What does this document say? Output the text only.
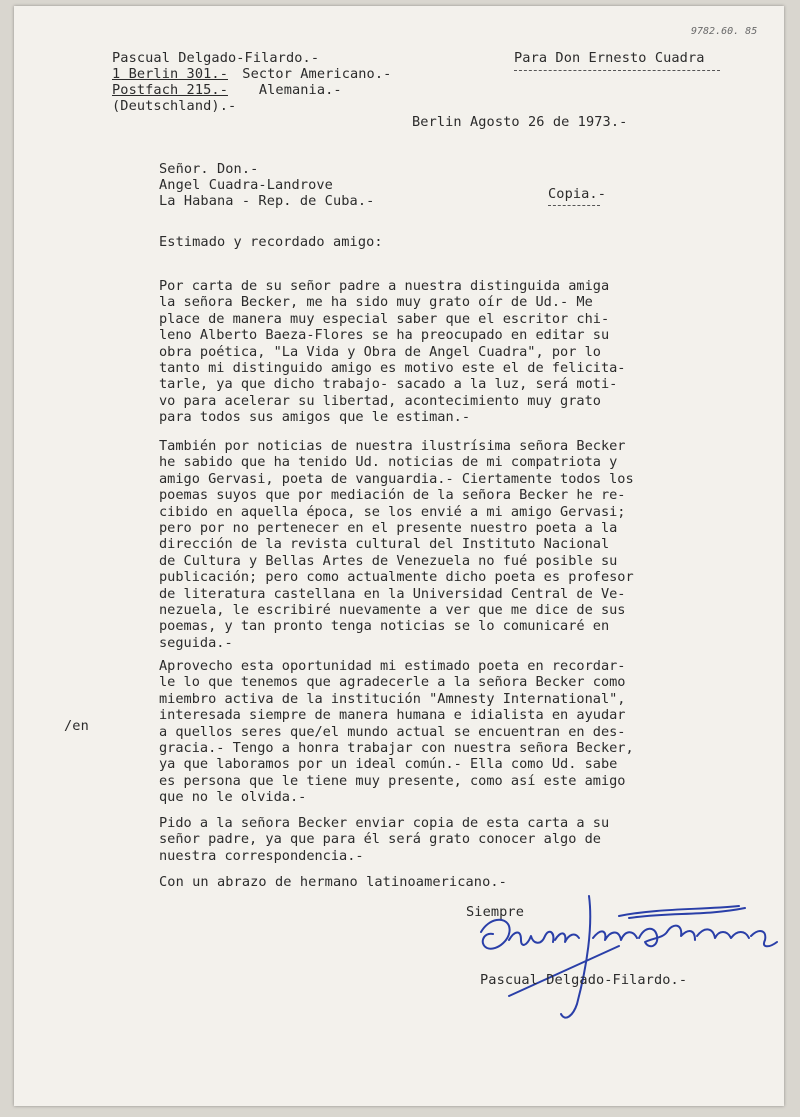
9782.60. 85
Pascual Delgado-Filardo.-
1 Berlin 301.- Sector Americano.-
Postfach 215.- Alemania.-
(Deutschland).-
Para Don Ernesto Cuadra
Berlin Agosto 26 de 1973.-
Señor. Don.-
Angel Cuadra-Landrove
La Habana - Rep. de Cuba.-	Copia.-
Estimado y recordado amigo:
Por carta de su señor padre a nuestra distinguida amiga
la señora Becker, me ha sido muy grato oír de Ud.- Me
place de manera muy especial saber que el escritor chi-
leno Alberto Baeza-Flores se ha preocupado en editar su
obra poética, "La Vida y Obra de Angel Cuadra", por lo
tanto mi distinguido amigo es motivo este el de felicita-
tarle, ya que dicho trabajo- sacado a la luz, será moti-
vo para acelerar su libertad, acontecimiento muy grato
para todos sus amigos que le estiman.-
También por noticias de nuestra ilustrísima señora Becker
he sabido que ha tenido Ud. noticias de mi compatriota y
amigo Gervasi, poeta de vanguardia.- Ciertamente todos los
poemas suyos que por mediación de la señora Becker he re-
cibido en aquella época, se los envié a mi amigo Gervasi;
pero por no pertenecer en el presente nuestro poeta a la
dirección de la revista cultural del Instituto Nacional
de Cultura y Bellas Artes de Venezuela no fué posible su
publicación; pero como actualmente dicho poeta es profesor
de literatura castellana en la Universidad Central de Ve-
nezuela, le escribiré nuevamente a ver que me dice de sus
poemas, y tan pronto tenga noticias se lo comunicaré en
seguida.-
Aprovecho esta oportunidad mi estimado poeta en recordar-
le lo que tenemos que agradecerle a la señora Becker como
miembro activa de la institución "Amnesty International",
interesada siempre de manera humana e idialista en ayudar
a quellos seres que/el mundo actual se encuentran en des-
gracia.- Tengo a honra trabajar con nuestra señora Becker,
ya que laboramos por un ideal común.- Ella como Ud. sabe
es persona que le tiene muy presente, como así este amigo
que no le olvida.-
/en
Pido a la señora Becker enviar copia de esta carta a su
señor padre, ya que para él será grato conocer algo de
nuestra correspondencia.-
Con un abrazo de hermano latinoamericano.-
Siempre
Pascual Delgado-Filardo.-
